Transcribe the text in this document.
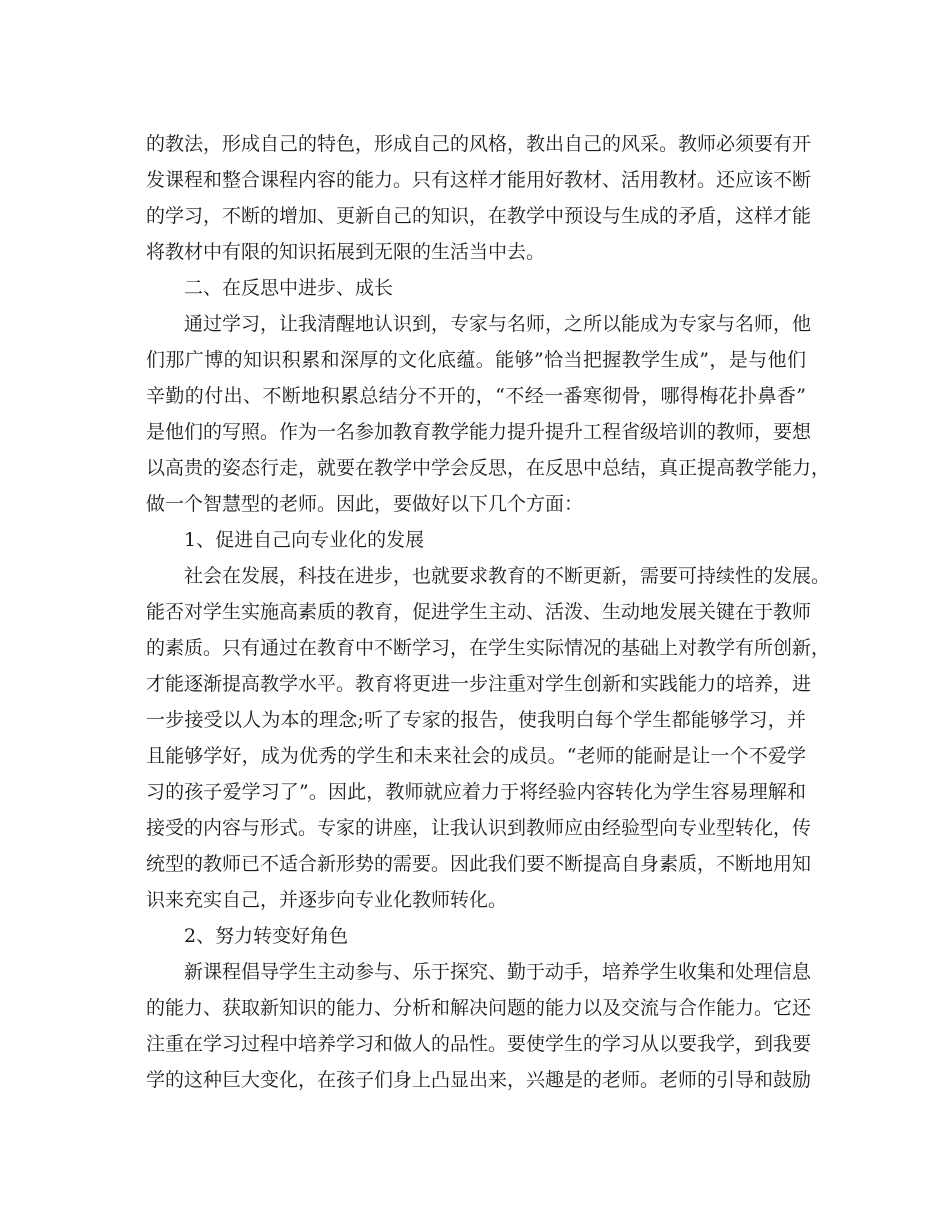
的教法，形成自己的特色，形成自己的风格，教出自己的风采。教师必须要有开
发课程和整合课程内容的能力。只有这样才能用好教材、活用教材。还应该不断
的学习，不断的增加、更新自己的知识，在教学中预设与生成的矛盾，这样才能
将教材中有限的知识拓展到无限的生活当中去。
二、在反思中进步、成长
通过学习，让我清醒地认识到，专家与名师，之所以能成为专家与名师，他
们那广博的知识积累和深厚的文化底蕴。能够”恰当把握教学生成”，是与他们
辛勤的付出、不断地积累总结分不开的，“不经一番寒彻骨，哪得梅花扑鼻香”
是他们的写照。作为一名参加教育教学能力提升提升工程省级培训的教师，要想
以高贵的姿态行走，就要在教学中学会反思，在反思中总结，真正提高教学能力，
做一个智慧型的老师。因此，要做好以下几个方面：
1、促进自己向专业化的发展
社会在发展，科技在进步，也就要求教育的不断更新，需要可持续性的发展。
能否对学生实施高素质的教育，促进学生主动、活泼、生动地发展关键在于教师
的素质。只有通过在教育中不断学习，在学生实际情况的基础上对教学有所创新，
才能逐渐提高教学水平。教育将更进一步注重对学生创新和实践能力的培养，进
一步接受以人为本的理念;听了专家的报告，使我明白每个学生都能够学习，并
且能够学好，成为优秀的学生和未来社会的成员。“老师的能耐是让一个不爱学
习的孩子爱学习了”。因此，教师就应着力于将经验内容转化为学生容易理解和
接受的内容与形式。专家的讲座，让我认识到教师应由经验型向专业型转化，传
统型的教师已不适合新形势的需要。因此我们要不断提高自身素质，不断地用知
识来充实自己，并逐步向专业化教师转化。
2、努力转变好角色
新课程倡导学生主动参与、乐于探究、勤于动手，培养学生收集和处理信息
的能力、获取新知识的能力、分析和解决问题的能力以及交流与合作能力。它还
注重在学习过程中培养学习和做人的品性。要使学生的学习从以要我学，到我要
学的这种巨大变化，在孩子们身上凸显出来，兴趣是的老师。老师的引导和鼓励
